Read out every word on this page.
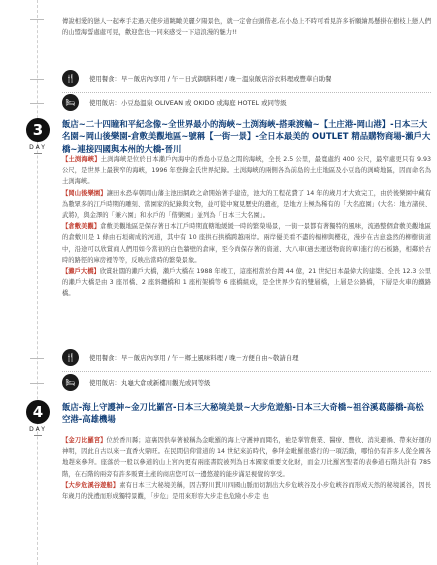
傳說相愛的戀人一起牽手走過天使步道眺瞰美麗夕陽景色，就一定會白頭偕老,在小島上不時可看見許多祈願繪馬懸掛在樹枝上戀人們的山盟海誓處處可見，歡迎您也一同來感受一下這浪漫的魅力!!

🍴	使用餐食：早－飯店內享用 / 午－日式御膳料理 / 晚－溫泉飯店浴衣料理或豐華自助餐
🛏	使用飯店：小豆島溫泉 OLIVEAN 或 OKIDO 或海庭 HOTEL 或同等級
3
DAY

飯店~二十四瞳和平紀念像~全世界最小的海峽~土渕海峽-搭乘渡輪~【土庄港-岡山港】-日本三大名園~岡山後樂園-倉敷美觀地區~號稱【一街一景】-全日本最美的 OUTLET 精品購物商場-瀨戶大橋~連接四國與本州的大橋-晉川

【土渕海峽】土渕海峽是位於日本瀨戶內海中的香島小豆島之間的海峽，全長 2.5 公里，最寬處約 400 公尺，最窄處更只有 9.93 公尺，是世界上最狹窄的海峽，1996 年登錄金氏世界紀錄。土渕海峽的兩側各為前島的土庄地區及小豆島的渕崎地區，因而命名為土渕海峽。

【岡山後樂園】讓田永恐奉朝岡山藩主池田網政之命開始著手建造，池大的工程花費了 14 年的歲月才大致完工，由於後樂園中藏有為數眾多的江戶時期的雕刻、當園家的紀錄與文物，並可從中窺見歷史的遺產，是地方上極為稀有的「大名庭園」(大名：地方諸侯、武將)，與金澤的「兼六園」和水戶的「偕樂園」並列為「日本三大名園」。

【倉敷美觀】倉敷美觀地區是保存著日本江戶時期直轄地緩緩一時的繁榮場景，一街一景都有著獨特的風味，流過整個倉敷美觀地區的倉敷川是 1 條由石垣砌成的河道，其中有 10 座拱石拱橋跨越兩岸。兩岸優美看不盡的楊柳與櫻花，漫步在古意盎然的柳樹街道中，沿途可以欣賞商人們用如今當初的白色牆壁的倉庫，至今尚保存著的資道、大八車(過去運送物資的車)進行的石板路，相鄰於古時的路徑的庫房裡等等，反映出當時的繁榮景象。

【瀨戶大橋】欣賞壯闊的瀨戶大橋，瀨戶大橋在 1988 年竣工，這座相當於台灣 44 億，21 世紀日本最偉大的建築、全長 12.3 公里的瀨戶大橋是由 3 座吊橋、2 座斜纜橋和 1 座桁架橋等 6 座橋組成，是全世界少有的雙層橋，上層是公路橋，下層是火車的鐵路橋。

🍴	使用餐食：早－飯店內享用 / 午－鄉土風味料理 / 晚－方便自由~敬請自理
🛏	使用飯店：丸龜大倉或新樓川觀光或同等級
4
DAY

飯店-海上守護神~金刀比羅宮-日本三大秘境美景~大步危遊船-日本三大奇橋~祖谷溪葛藤橋-高松空港-高雄機場

【金刀比羅宮】位於香川縣；這裏因供奉著被稱為金毗羅的海上守護神而聞名，祂是掌管農業、醫療、豐收、消災避禍、帶來好運的神明，因此自古以來一直香火鼎旺。在民間信仰當道的 14 世紀來訪時代，參拜金毗羅很盛行的一項活動，哪怕仍有許多人從全國各地趕來參拜。座落於一般以參道的山上宮內更有兩座書院被列為日本國家重要文化財，而金刀比羅宮聖者的表參道石階共計有 785 階，在石階的兩旁有許多販賣土產的商店您可以一邊悠遊的能步滿足視覺的享受。

【大步危溪谷遊船】素有日本三大秘境美稱，因吉野川貫川四國山脈而切割出大步危峽谷及小步危峽谷而形成天然的秘境溪谷，因長年歲月的洗禮而形成獨特景觀，「步危」是用來形容大步走也危險小步走 也
